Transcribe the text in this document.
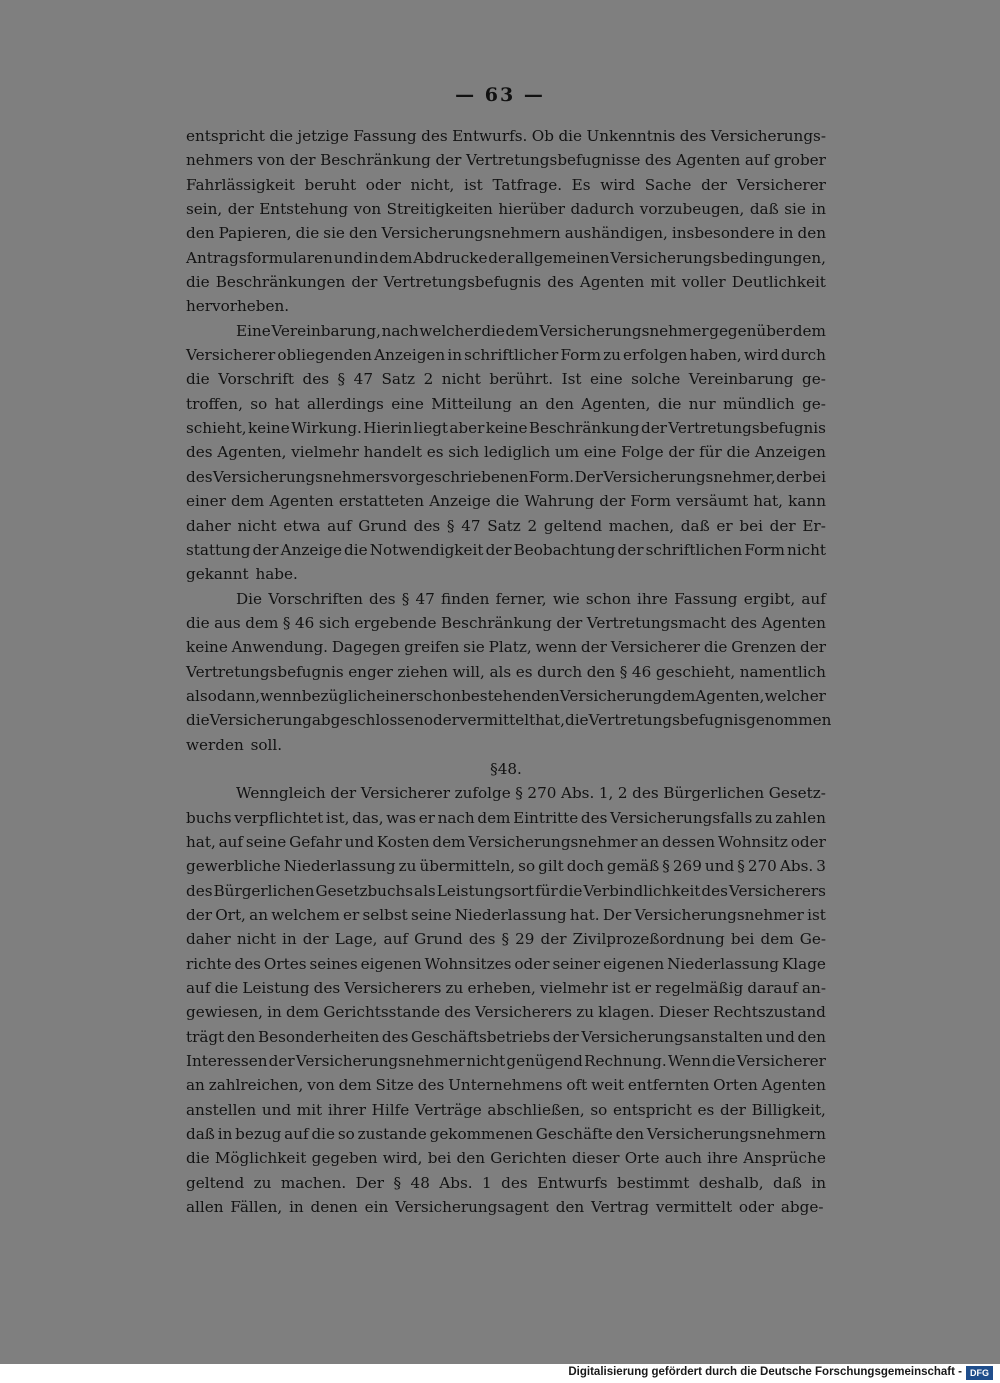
— 63 —
entspricht die jetzige Fassung des Entwurfs. Ob die Unkenntnis des Versicherungs-
nehmers von der Beschränkung der Vertretungsbefugnisse des Agenten auf grober
Fahrlässigkeit beruht oder nicht, ist Tatfrage. Es wird Sache der Versicherer
sein, der Entstehung von Streitigkeiten hierüber dadurch vorzubeugen, daß sie in
den Papieren, die sie den Versicherungsnehmern aushändigen, insbesondere in den
Antragsformularen und in dem Abdrucke der allgemeinen Versicherungsbedingungen,
die Beschränkungen der Vertretungsbefugnis des Agenten mit voller Deutlichkeit
hervorheben.
Eine Vereinbarung, nach welcher die dem Versicherungsnehmer gegenüber dem
Versicherer obliegenden Anzeigen in schriftlicher Form zu erfolgen haben, wird durch
die Vorschrift des § 47 Satz 2 nicht berührt. Ist eine solche Vereinbarung ge-
troffen, so hat allerdings eine Mitteilung an den Agenten, die nur mündlich ge-
schieht, keine Wirkung. Hierin liegt aber keine Beschränkung der Vertretungsbefugnis
des Agenten, vielmehr handelt es sich lediglich um eine Folge der für die Anzeigen
des Versicherungsnehmers vorgeschriebenen Form. Der Versicherungsnehmer, der bei
einer dem Agenten erstatteten Anzeige die Wahrung der Form versäumt hat, kann
daher nicht etwa auf Grund des § 47 Satz 2 geltend machen, daß er bei der Er-
stattung der Anzeige die Notwendigkeit der Beobachtung der schriftlichen Form nicht
gekannt habe.
Die Vorschriften des § 47 finden ferner, wie schon ihre Fassung ergibt, auf
die aus dem § 46 sich ergebende Beschränkung der Vertretungsmacht des Agenten
keine Anwendung. Dagegen greifen sie Platz, wenn der Versicherer die Grenzen der
Vertretungsbefugnis enger ziehen will, als es durch den § 46 geschieht, namentlich
also dann, wenn bezüglich einer schon bestehenden Versicherung dem Agenten, welcher
die Versicherung abgeschlossen oder vermittelt hat, die Vertretungsbefugnis genommen
werden soll.
§ 48.
Wenngleich der Versicherer zufolge § 270 Abs. 1, 2 des Bürgerlichen Gesetz-
buchs verpflichtet ist, das, was er nach dem Eintritte des Versicherungsfalls zu zahlen
hat, auf seine Gefahr und Kosten dem Versicherungsnehmer an dessen Wohnsitz oder
gewerbliche Niederlassung zu übermitteln, so gilt doch gemäß § 269 und § 270 Abs. 3
des Bürgerlichen Gesetzbuchs als Leistungsort für die Verbindlichkeit des Versicherers
der Ort, an welchem er selbst seine Niederlassung hat. Der Versicherungsnehmer ist
daher nicht in der Lage, auf Grund des § 29 der Zivilprozeßordnung bei dem Ge-
richte des Ortes seines eigenen Wohnsitzes oder seiner eigenen Niederlassung Klage
auf die Leistung des Versicherers zu erheben, vielmehr ist er regelmäßig darauf an-
gewiesen, in dem Gerichtsstande des Versicherers zu klagen. Dieser Rechtszustand
trägt den Besonderheiten des Geschäftsbetriebs der Versicherungsanstalten und den
Interessen der Versicherungsnehmer nicht genügend Rechnung. Wenn die Versicherer
an zahlreichen, von dem Sitze des Unternehmens oft weit entfernten Orten Agenten
anstellen und mit ihrer Hilfe Verträge abschließen, so entspricht es der Billigkeit,
daß in bezug auf die so zustande gekommenen Geschäfte den Versicherungsnehmern
die Möglichkeit gegeben wird, bei den Gerichten dieser Orte auch ihre Ansprüche
geltend zu machen. Der § 48 Abs. 1 des Entwurfs bestimmt deshalb, daß in
allen Fällen, in denen ein Versicherungsagent den Vertrag vermittelt oder abge-
Digitalisierung gefördert durch die Deutsche Forschungsgemeinschaft - DFG
